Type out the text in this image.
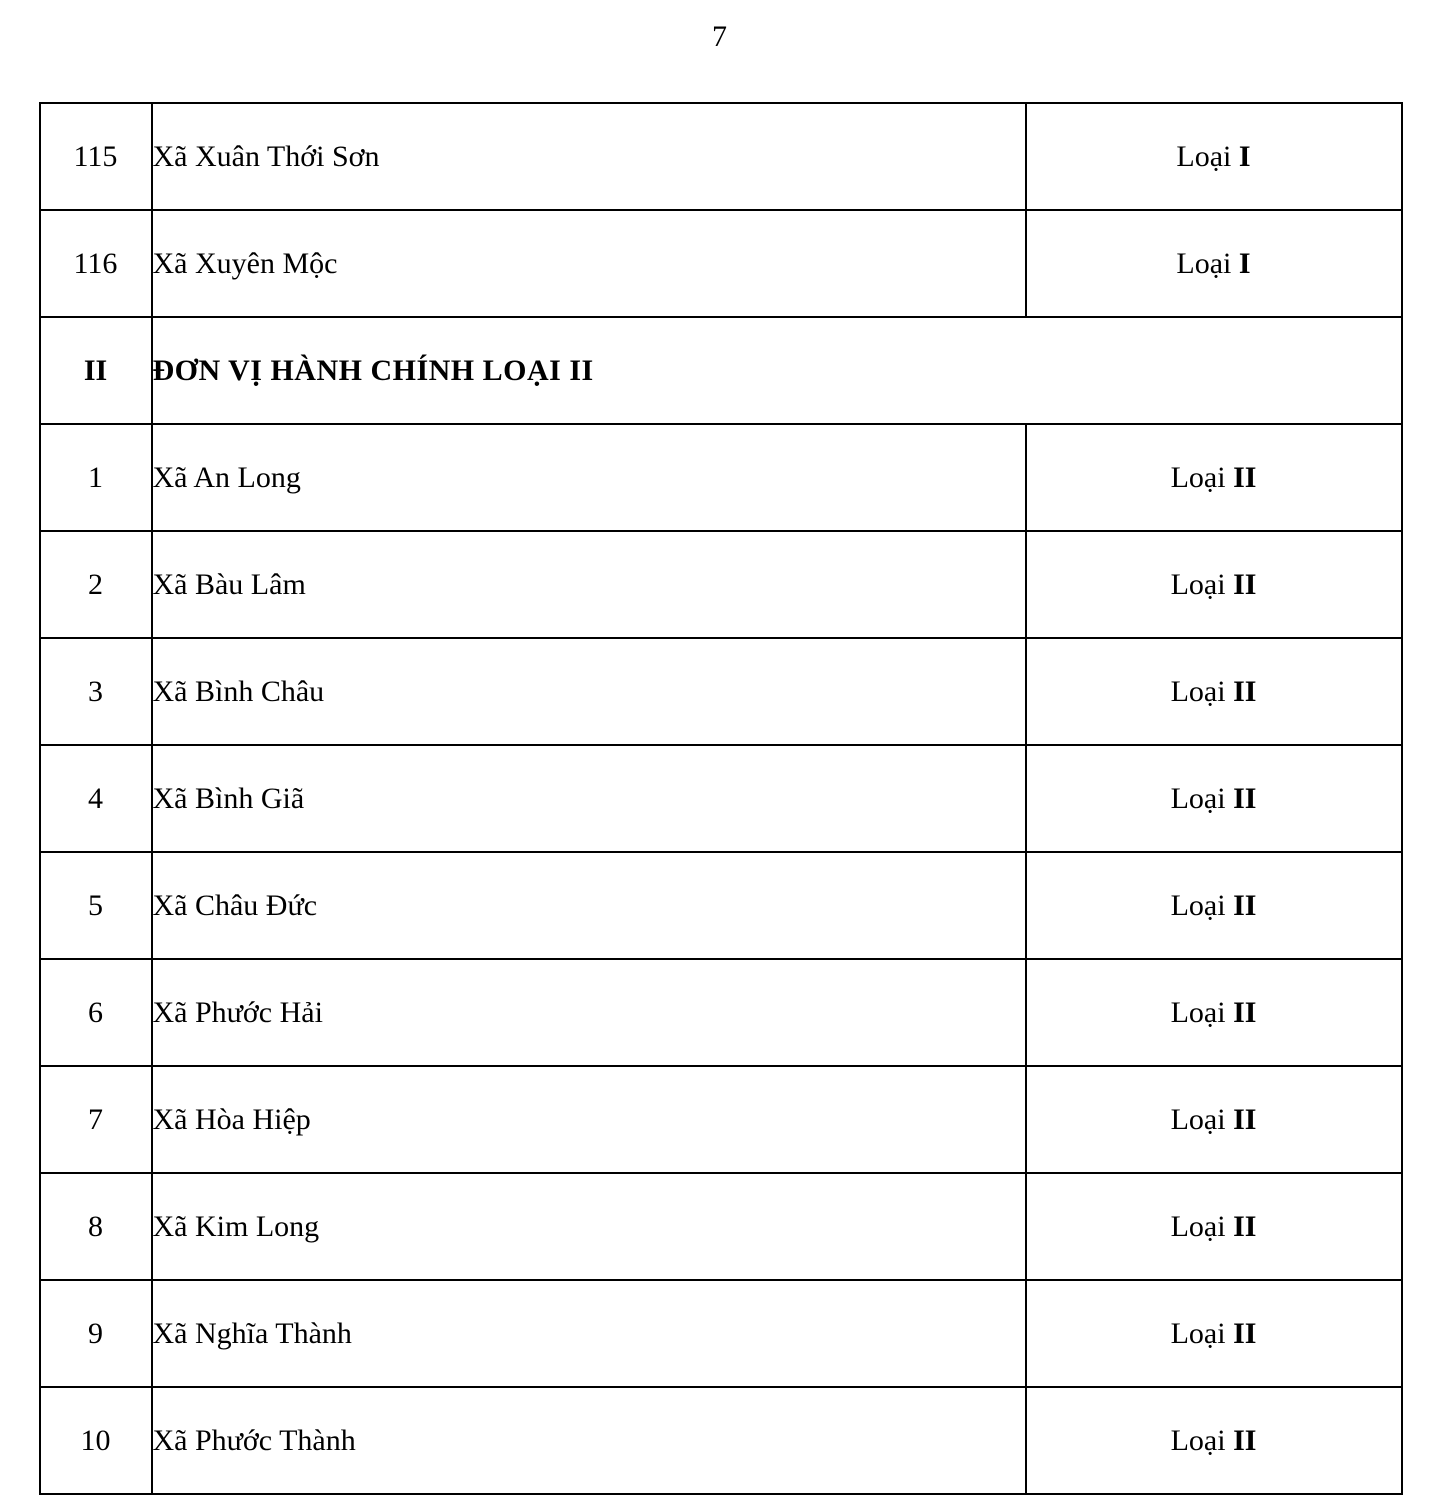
7
115	Xã Xuân Thới Sơn	Loại I
116	Xã Xuyên Mộc	Loại I
II	ĐƠN VỊ HÀNH CHÍNH LOẠI II	
1	Xã An Long	Loại II
2	Xã Bàu Lâm	Loại II
3	Xã Bình Châu	Loại II
4	Xã Bình Giã	Loại II
5	Xã Châu Đức	Loại II
6	Xã Phước Hải	Loại II
7	Xã Hòa Hiệp	Loại II
8	Xã Kim Long	Loại II
9	Xã Nghĩa Thành	Loại II
10	Xã Phước Thành	Loại II
